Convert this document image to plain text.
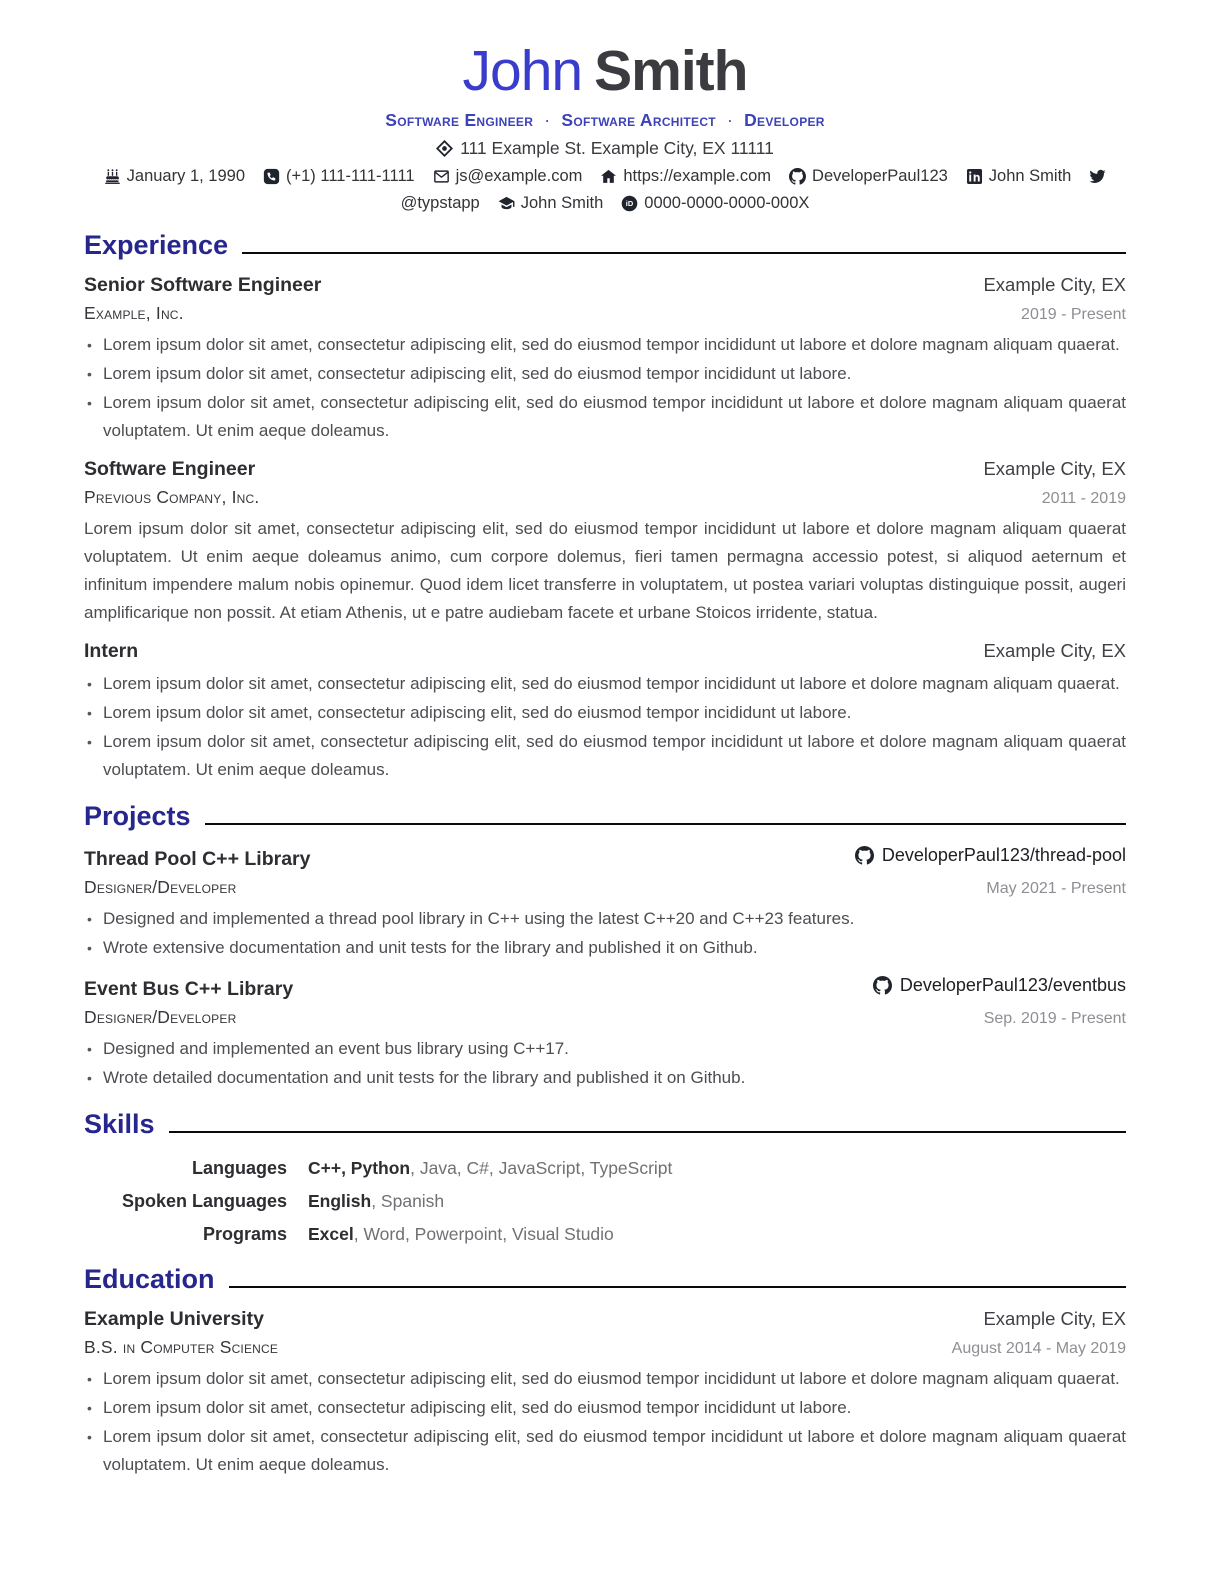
John Smith
Software Engineer · Software Architect · Developer
111 Example St. Example City, EX 11111
January 1, 1990 (+1) 111-111-1111 js@example.com https://example.com DeveloperPaul123 John Smith
@typstapp John Smith iD 0000-0000-0000-000X
Experience
Senior Software Engineer	Example City, EX
Example, Inc.	2019 - Present
•
Lorem ipsum dolor sit amet, consectetur adipiscing elit, sed do eiusmod tempor incididunt ut labore et dolore magnam aliquam quaerat.
•
Lorem ipsum dolor sit amet, consectetur adipiscing elit, sed do eiusmod tempor incididunt ut labore.
•
Lorem ipsum dolor sit amet, consectetur adipiscing elit, sed do eiusmod tempor incididunt ut labore et dolore magnam aliquam quaerat voluptatem. Ut enim aeque doleamus.
Software Engineer	Example City, EX
Previous Company, Inc.	2011 - 2019
Lorem ipsum dolor sit amet, consectetur adipiscing elit, sed do eiusmod tempor incididunt ut labore et dolore magnam aliquam quaerat voluptatem. Ut enim aeque doleamus animo, cum corpore dolemus, fieri tamen permagna accessio potest, si aliquod aeternum et infinitum impendere malum nobis opinemur. Quod idem licet transferre in voluptatem, ut postea variari voluptas distinguique possit, augeri amplificarique non possit. At etiam Athenis, ut e patre audiebam facete et urbane Stoicos irridente, statua.
Intern	Example City, EX
•
Lorem ipsum dolor sit amet, consectetur adipiscing elit, sed do eiusmod tempor incididunt ut labore et dolore magnam aliquam quaerat.
•
Lorem ipsum dolor sit amet, consectetur adipiscing elit, sed do eiusmod tempor incididunt ut labore.
•
Lorem ipsum dolor sit amet, consectetur adipiscing elit, sed do eiusmod tempor incididunt ut labore et dolore magnam aliquam quaerat voluptatem. Ut enim aeque doleamus.
Projects
Thread Pool C++ Library	DeveloperPaul123/thread-pool
Designer/Developer	May 2021 - Present
•
Designed and implemented a thread pool library in C++ using the latest C++20 and C++23 features.
•
Wrote extensive documentation and unit tests for the library and published it on Github.
Event Bus C++ Library	DeveloperPaul123/eventbus
Designer/Developer	Sep. 2019 - Present
•
Designed and implemented an event bus library using C++17.
•
Wrote detailed documentation and unit tests for the library and published it on Github.
Skills
Languages C++, Python, Java, C#, JavaScript, TypeScript
Spoken Languages English, Spanish
Programs Excel, Word, Powerpoint, Visual Studio
Education
Example University	Example City, EX
B.S. in Computer Science	August 2014 - May 2019
•
Lorem ipsum dolor sit amet, consectetur adipiscing elit, sed do eiusmod tempor incididunt ut labore et dolore magnam aliquam quaerat.
•
Lorem ipsum dolor sit amet, consectetur adipiscing elit, sed do eiusmod tempor incididunt ut labore.
•
Lorem ipsum dolor sit amet, consectetur adipiscing elit, sed do eiusmod tempor incididunt ut labore et dolore magnam aliquam quaerat voluptatem. Ut enim aeque doleamus.
